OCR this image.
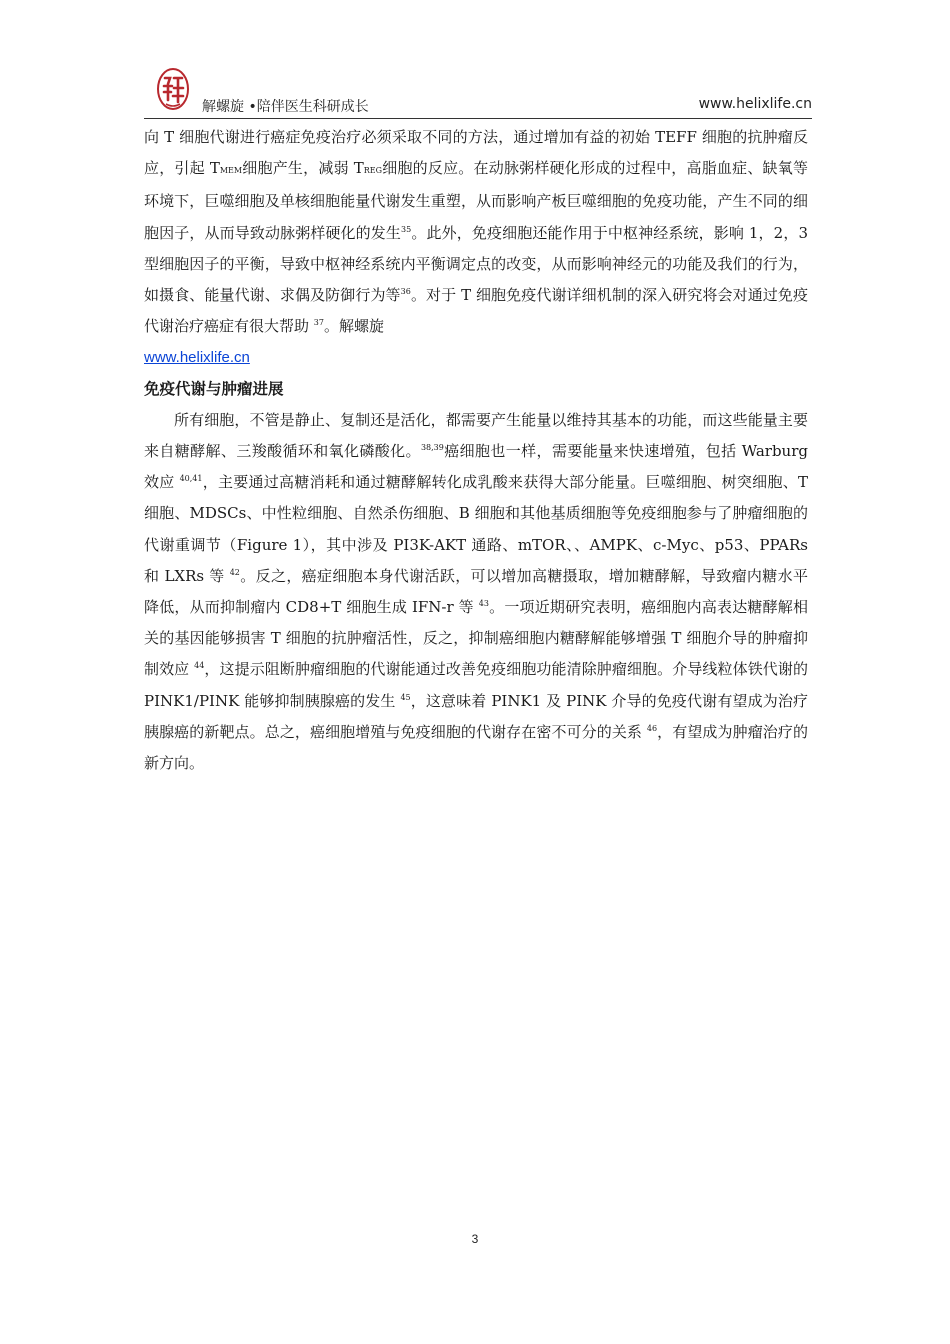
解螺旋 •陪伴医生科研成长	www.helixlife.cn

向 T 细胞代谢进行癌症免疫治疗必须采取不同的方法，通过增加有益的初始 TEFF 细胞的抗肿瘤反应，引起 TMEM细胞产生，减弱 TREG细胞的反应。在动脉粥样硬化形成的过程中，高脂血症、缺氧等环境下，巨噬细胞及单核细胞能量代谢发生重塑，从而影响产板巨噬细胞的免疫功能，产生不同的细胞因子，从而导致动脉粥样硬化的发生$^{35}$。此外，免疫细胞还能作用于中枢神经系统，影响 1，2，3 型细胞因子的平衡，导致中枢神经系统内平衡调定点的改变，从而影响神经元的功能及我们的行为，如摄食、能量代谢、求偶及防御行为等$^{36}$。对于 T 细胞免疫代谢详细机制的深入研究将会对通过免疫代谢治疗癌症有很大帮助 $^{37}$。解螺旋
www.helixlife.cn

免疫代谢与肿瘤进展

所有细胞，不管是静止、复制还是活化，都需要产生能量以维持其基本的功能，而这些能量主要来自糖酵解、三羧酸循环和氧化磷酸化。$^{38,39}$癌细胞也一样，需要能量来快速增殖，包括 Warburg 效应 $^{40,41}$，主要通过高糖消耗和通过糖酵解转化成乳酸来获得大部分能量。巨噬细胞、树突细胞、T 细胞、MDSCs、中性粒细胞、自然杀伤细胞、B 细胞和其他基质细胞等免疫细胞参与了肿瘤细胞的代谢重调节（Figure 1），其中涉及 PI3K-AKT 通路、mTOR、、AMPK、c-Myc、p53、PPARs 和 LXRs 等 $^{42}$。反之，癌症细胞本身代谢活跃，可以增加高糖摄取，增加糖酵解，导致瘤内糖水平降低，从而抑制瘤内 CD8+T 细胞生成 IFN-r 等 $^{43}$。一项近期研究表明，癌细胞内高表达糖酵解相关的基因能够损害 T 细胞的抗肿瘤活性，反之，抑制癌细胞内糖酵解能够增强 T 细胞介导的肿瘤抑制效应 $^{44}$，这提示阻断肿瘤细胞的代谢能通过改善免疫细胞功能清除肿瘤细胞。介导线粒体铁代谢的 PINK1/PINK 能够抑制胰腺癌的发生 $^{45}$，这意味着 PINK1 及 PINK 介导的免疫代谢有望成为治疗胰腺癌的新靶点。总之，癌细胞增殖与免疫细胞的代谢存在密不可分的关系 $^{46}$，有望成为肿瘤治疗的新方向。

3
